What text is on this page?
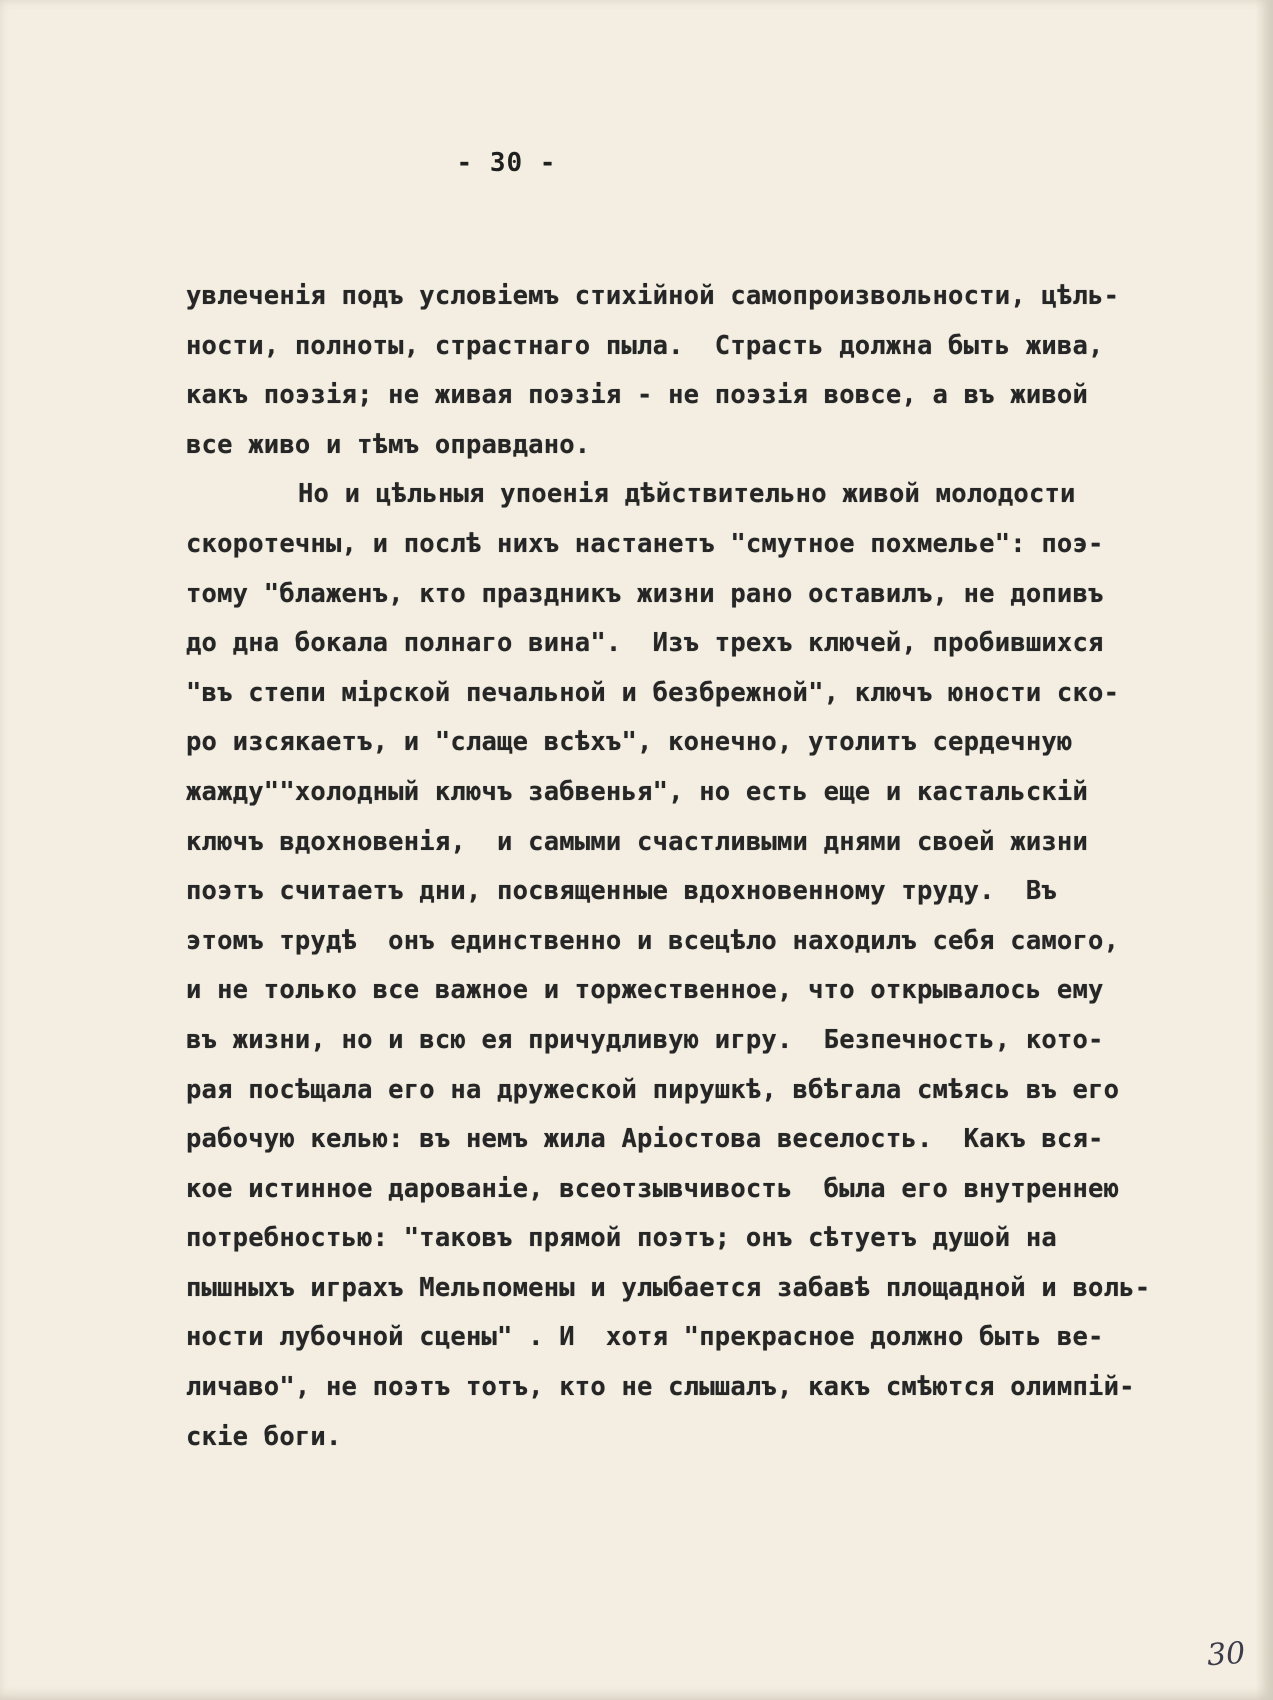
- 30 -
увлеченія подъ условіемъ стихійной самопроизвольности, цѣль-
ности, полноты, страстнаго пыла.  Страсть должна быть жива,
какъ поэзія; не живая поэзія - не поэзія вовсе, а въ живой
все живо и тѣмъ оправдано.
Но и цѣльныя упоенія дѣйствительно живой молодости
скоротечны, и послѣ нихъ настанетъ "смутное похмелье": поэ-
тому "блаженъ, кто праздникъ жизни рано оставилъ, не допивъ
до дна бокала полнаго вина".  Изъ трехъ ключей, пробившихся
"въ степи мірской печальной и безбрежной", ключъ юности ско-
ро изсякаетъ, и "слаще всѣхъ", конечно, утолитъ сердечную
жажду""холодный ключъ забвенья", но есть еще и кастальскій
ключъ вдохновенія,  и самыми счастливыми днями своей жизни
поэтъ считаетъ дни, посвященные вдохновенному труду.  Въ
этомъ трудѣ  онъ единственно и всецѣло находилъ себя самого,
и не только все важное и торжественное, что открывалось ему
въ жизни, но и всю ея причудливую игру.  Безпечность, кото-
рая посѣщала его на дружеской пирушкѣ, вбѣгала смѣясь въ его
рабочую келью: въ немъ жила Аріостова веселость.  Какъ вся-
кое истинное дарованіе, всеотзывчивость  была его внутреннею
потребностью: "таковъ прямой поэтъ; онъ сѣтуетъ душой на
пышныхъ играхъ Мельпомены и улыбается забавѣ площадной и воль-
ности лубочной сцены" . И  хотя "прекрасное должно быть ве-
личаво", не поэтъ тотъ, кто не слышалъ, какъ смѣются олимпій-
скіе боги.
30
